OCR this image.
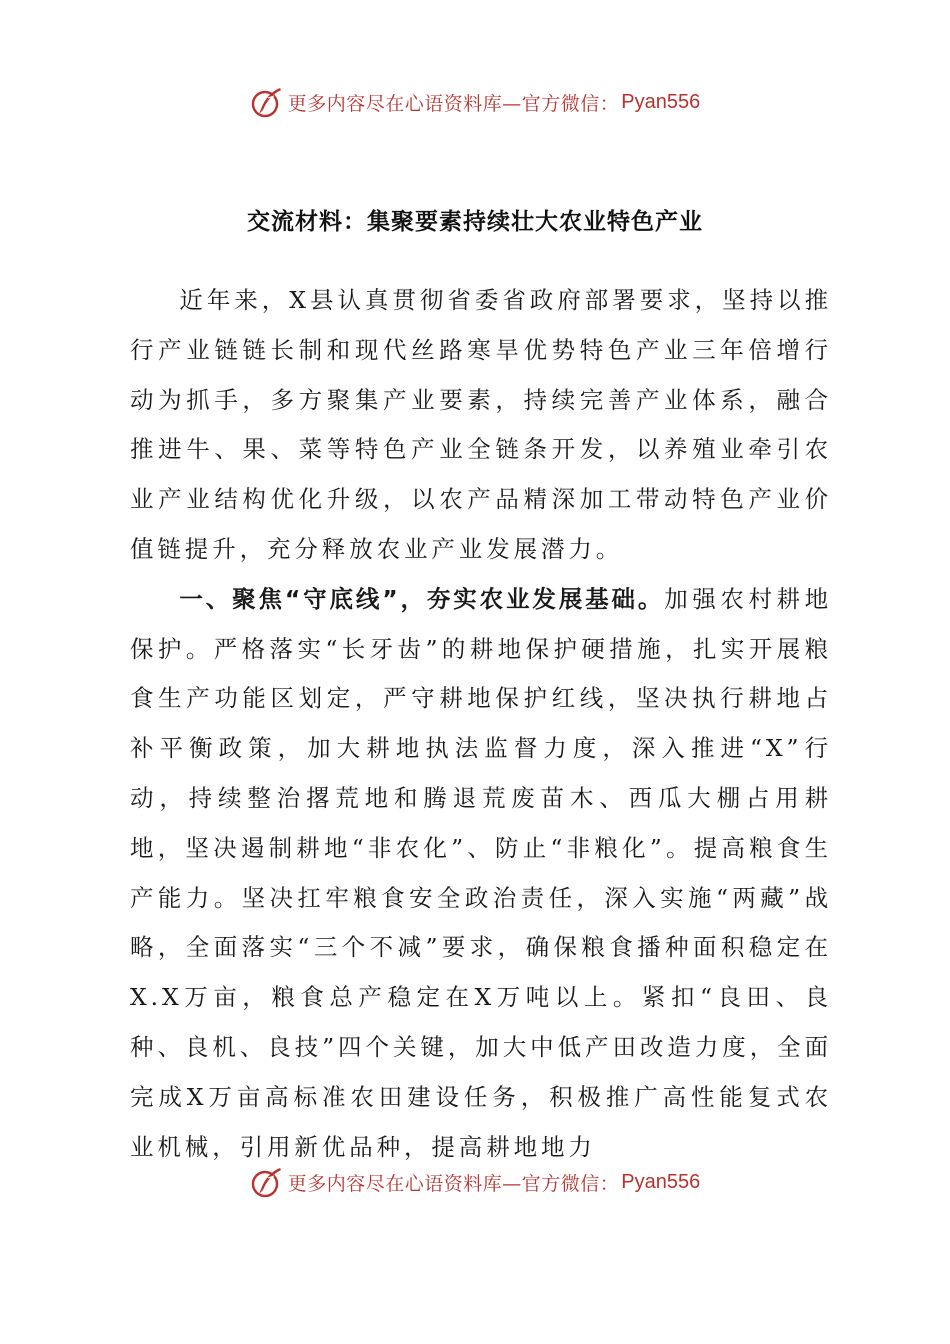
更多内容尽在心语资料库—官方微信： Pyan556
交流材料：集聚要素持续壮大农业特色产业

近年来，X县认真贯彻省委省政府部署要求，坚持以推行产业链链长制和现代丝路寒旱优势特色产业三年倍增行动为抓手，多方聚集产业要素，持续完善产业体系，融合推进牛、果、菜等特色产业全链条开发，以养殖业牵引农业产业结构优化升级，以农产品精深加工带动特色产业价值链提升，充分释放农业产业发展潜力。

一、聚焦“守底线”，夯实农业发展基础。加强农村耕地保护。严格落实“长牙齿”的耕地保护硬措施，扎实开展粮食生产功能区划定，严守耕地保护红线，坚决执行耕地占补平衡政策，加大耕地执法监督力度，深入推进“X”行动，持续整治撂荒地和腾退荒废苗木、西瓜大棚占用耕地，坚决遏制耕地“非农化”、防止“非粮化”。提高粮食生产能力。坚决扛牢粮食安全政治责任，深入实施“两藏”战略，全面落实“三个不减”要求，确保粮食播种面积稳定在X.X万亩，粮食总产稳定在X万吨以上。紧扣“良田、良种、良机、良技”四个关键，加大中低产田改造力度，全面完成X万亩高标准农田建设任务，积极推广高性能复式农业机械，引用新优品种，提高耕地地力

更多内容尽在心语资料库—官方微信： Pyan556
